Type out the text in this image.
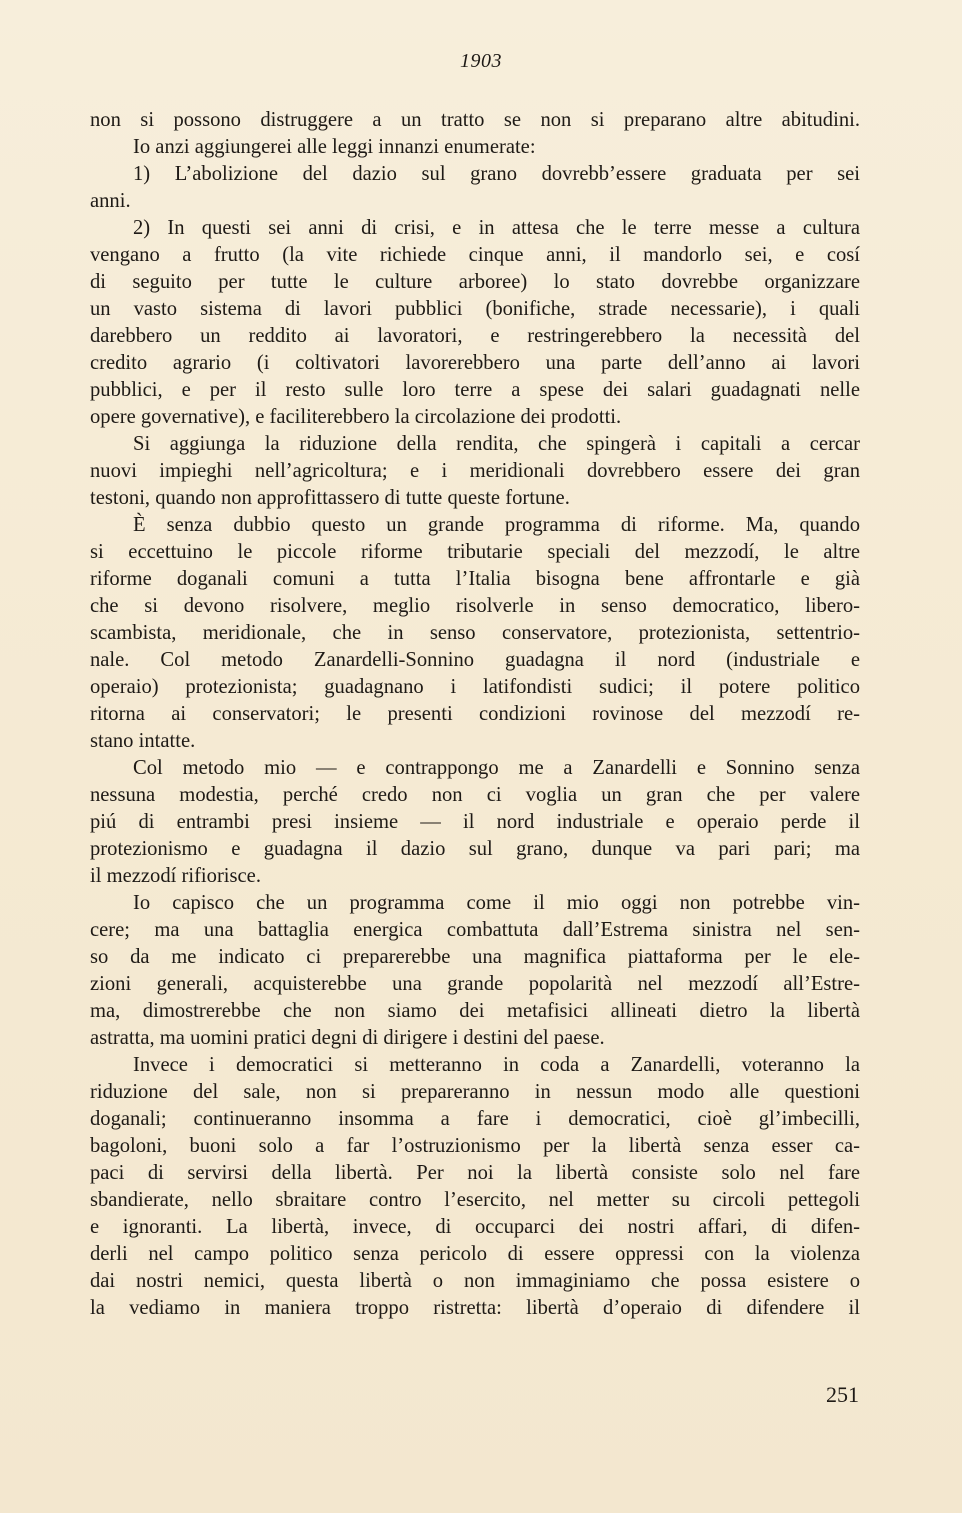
1903

non si possono distruggere a un tratto se non si preparano altre abitudini.

Io anzi aggiungerei alle leggi innanzi enumerate:

1) L’abolizione del dazio sul grano dovrebb’essere graduata per sei

anni.

2) In questi sei anni di crisi, e in attesa che le terre messe a cultura

vengano a frutto (la vite richiede cinque anni, il mandorlo sei, e cosí

di seguito per tutte le culture arboree) lo stato dovrebbe organizzare

un vasto sistema di lavori pubblici (bonifiche, strade necessarie), i quali

darebbero un reddito ai lavoratori, e restringerebbero la necessità del

credito agrario (i coltivatori lavorerebbero una parte dell’anno ai lavori

pubblici, e per il resto sulle loro terre a spese dei salari guadagnati nelle

opere governative), e faciliterebbero la circolazione dei prodotti.

Si aggiunga la riduzione della rendita, che spingerà i capitali a cercar

nuovi impieghi nell’agricoltura; e i meridionali dovrebbero essere dei gran

testoni, quando non approfittassero di tutte queste fortune.

È senza dubbio questo un grande programma di riforme. Ma, quando

si eccettuino le piccole riforme tributarie speciali del mezzodí, le altre

riforme doganali comuni a tutta l’Italia bisogna bene affrontarle e già

che si devono risolvere, meglio risolverle in senso democratico, libero-

scambista, meridionale, che in senso conservatore, protezionista, settentrio-

nale. Col metodo Zanardelli-Sonnino guadagna il nord (industriale e

operaio) protezionista; guadagnano i latifondisti sudici; il potere politico

ritorna ai conservatori; le presenti condizioni rovinose del mezzodí re-

stano intatte.

Col metodo mio — e contrappongo me a Zanardelli e Sonnino senza

nessuna modestia, perché credo non ci voglia un gran che per valere

piú di entrambi presi insieme — il nord industriale e operaio perde il

protezionismo e guadagna il dazio sul grano, dunque va pari pari; ma

il mezzodí rifiorisce.

Io capisco che un programma come il mio oggi non potrebbe vin-

cere; ma una battaglia energica combattuta dall’Estrema sinistra nel sen-

so da me indicato ci preparerebbe una magnifica piattaforma per le ele-

zioni generali, acquisterebbe una grande popolarità nel mezzodí all’Estre-

ma, dimostrerebbe che non siamo dei metafisici allineati dietro la libertà

astratta, ma uomini pratici degni di dirigere i destini del paese.

Invece i democratici si metteranno in coda a Zanardelli, voteranno la

riduzione del sale, non si prepareranno in nessun modo alle questioni

doganali; continueranno insomma a fare i democratici, cioè gl’imbecilli,

bagoloni, buoni solo a far l’ostruzionismo per la libertà senza esser ca-

paci di servirsi della libertà. Per noi la libertà consiste solo nel fare

sbandierate, nello sbraitare contro l’esercito, nel metter su circoli pettegoli

e ignoranti. La libertà, invece, di occuparci dei nostri affari, di difen-

derli nel campo politico senza pericolo di essere oppressi con la violenza

dai nostri nemici, questa libertà o non immaginiamo che possa esistere o

la vediamo in maniera troppo ristretta: libertà d’operaio di difendere il

251
